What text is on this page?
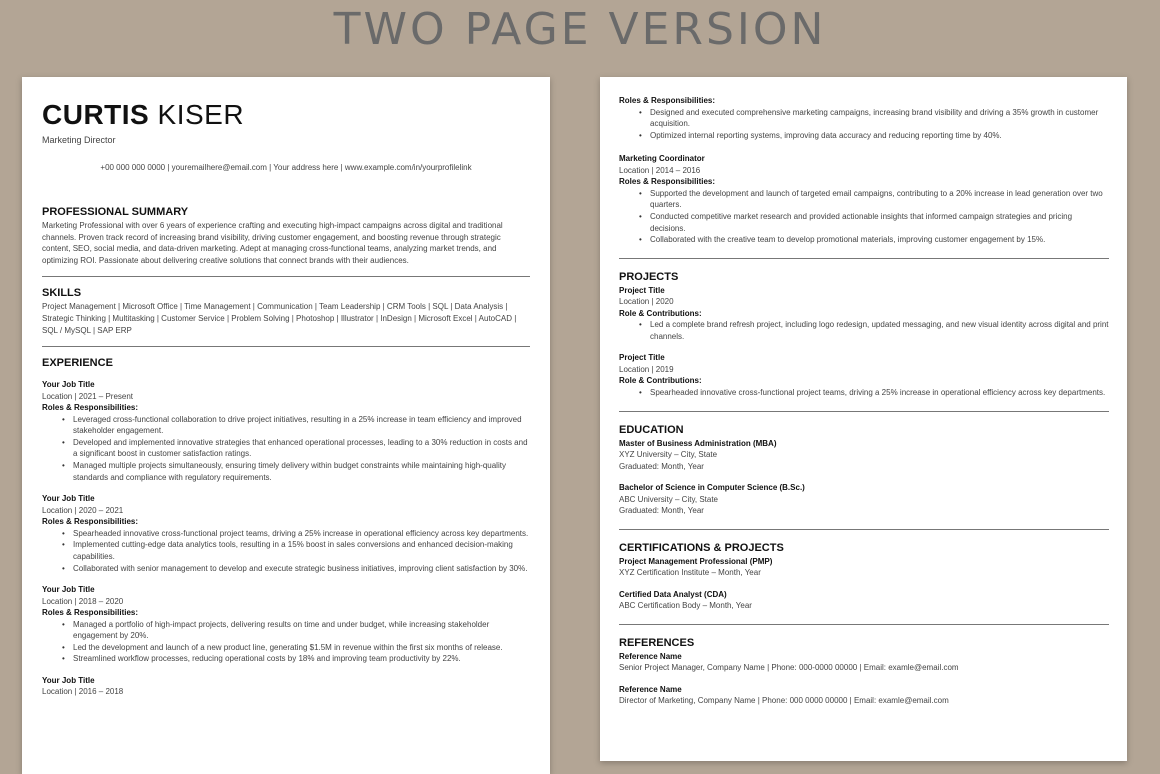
TWO PAGE VERSION
CURTIS KISER
Marketing Director
+00 000 000 0000 | youremailhere@email.com | Your address here | www.example.com/in/yourprofilelink
PROFESSIONAL SUMMARY
Marketing Professional with over 6 years of experience crafting and executing high-impact campaigns across digital and traditional channels. Proven track record of increasing brand visibility, driving customer engagement, and boosting revenue through strategic content, SEO, social media, and data-driven marketing. Adept at managing cross-functional teams, analyzing market trends, and optimizing ROI. Passionate about delivering creative solutions that connect brands with their audiences.
SKILLS
Project Management | Microsoft Office | Time Management | Communication | Team Leadership | CRM Tools | SQL | Data Analysis | Strategic Thinking | Multitasking | Customer Service | Problem Solving | Photoshop | Illustrator | InDesign | Microsoft Excel | AutoCAD | SQL / MySQL | SAP ERP
EXPERIENCE
Your Job Title
Location | 2021 – Present
Roles & Responsibilities:
• Leveraged cross-functional collaboration to drive project initiatives, resulting in a 25% increase in team efficiency and improved stakeholder engagement.
• Developed and implemented innovative strategies that enhanced operational processes, leading to a 30% reduction in costs and a significant boost in customer satisfaction ratings.
• Managed multiple projects simultaneously, ensuring timely delivery within budget constraints while maintaining high-quality standards and compliance with regulatory requirements.
Your Job Title
Location | 2020 – 2021
Roles & Responsibilities:
• Spearheaded innovative cross-functional project teams, driving a 25% increase in operational efficiency across key departments.
• Implemented cutting-edge data analytics tools, resulting in a 15% boost in sales conversions and enhanced decision-making capabilities.
• Collaborated with senior management to develop and execute strategic business initiatives, improving client satisfaction by 30%.
Your Job Title
Location | 2018 – 2020
Roles & Responsibilities:
• Managed a portfolio of high-impact projects, delivering results on time and under budget, while increasing stakeholder engagement by 20%.
• Led the development and launch of a new product line, generating $1.5M in revenue within the first six months of release.
• Streamlined workflow processes, reducing operational costs by 18% and improving team productivity by 22%.
Your Job Title
Location | 2016 – 2018
Roles & Responsibilities:
• Designed and executed comprehensive marketing campaigns, increasing brand visibility and driving a 35% growth in customer acquisition.
• Optimized internal reporting systems, improving data accuracy and reducing reporting time by 40%.
Marketing Coordinator
Location | 2014 – 2016
Roles & Responsibilities:
• Supported the development and launch of targeted email campaigns, contributing to a 20% increase in lead generation over two quarters.
• Conducted competitive market research and provided actionable insights that informed campaign strategies and pricing decisions.
• Collaborated with the creative team to develop promotional materials, improving customer engagement by 15%.
PROJECTS
Project Title
Location | 2020
Role & Contributions:
• Led a complete brand refresh project, including logo redesign, updated messaging, and new visual identity across digital and print channels.
Project Title
Location | 2019
Role & Contributions:
• Spearheaded innovative cross-functional project teams, driving a 25% increase in operational efficiency across key departments.
EDUCATION
Master of Business Administration (MBA)
XYZ University – City, State
Graduated: Month, Year
Bachelor of Science in Computer Science (B.Sc.)
ABC University – City, State
Graduated: Month, Year
CERTIFICATIONS & PROJECTS
Project Management Professional (PMP)
XYZ Certification Institute – Month, Year
Certified Data Analyst (CDA)
ABC Certification Body – Month, Year
REFERENCES
Reference Name
Senior Project Manager, Company Name | Phone: 000-0000 00000 | Email: examle@email.com
Reference Name
Director of Marketing, Company Name | Phone: 000 0000 00000 | Email: examle@email.com
